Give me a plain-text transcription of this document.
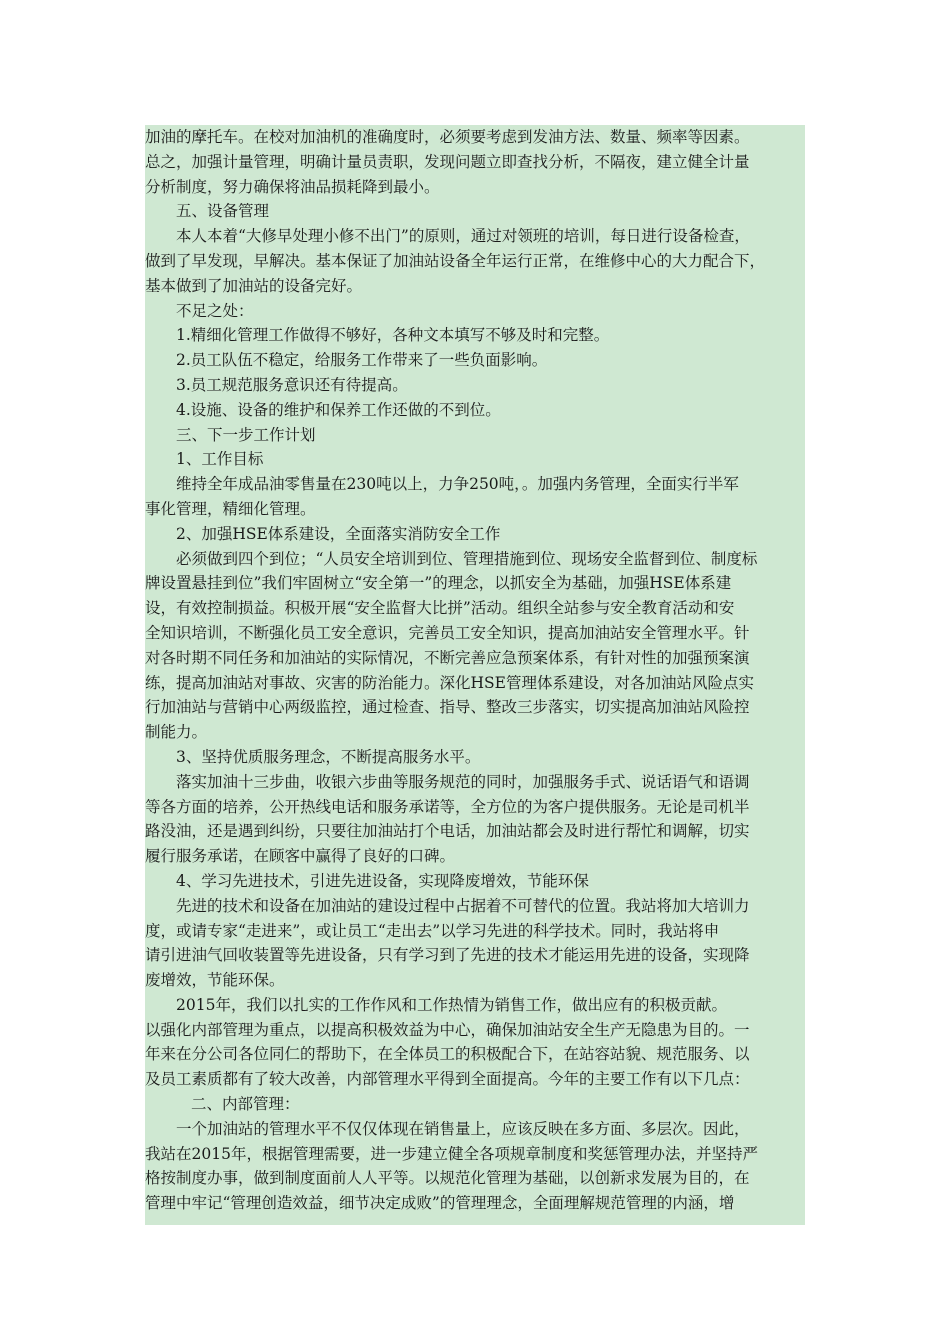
加油的摩托车。在校对加油机的准确度时，必须要考虑到发油方法、数量、频率等因素。
总之，加强计量管理，明确计量员责职，发现问题立即查找分析，不隔夜，建立健全计量
分析制度，努力确保将油品损耗降到最小。
五、设备管理
本人本着“大修早处理小修不出门”的原则，通过对领班的培训，每日进行设备检查，
做到了早发现，早解决。基本保证了加油站设备全年运行正常，在维修中心的大力配合下，
基本做到了加油站的设备完好。
不足之处：
1.精细化管理工作做得不够好，各种文本填写不够及时和完整。
2.员工队伍不稳定，给服务工作带来了一些负面影响。
3.员工规范服务意识还有待提高。
4.设施、设备的维护和保养工作还做的不到位。
三、下一步工作计划
1、工作目标
维持全年成品油零售量在230吨以上，力争250吨，。加强内务管理，全面实行半军
事化管理，精细化管理。
2、加强HSE体系建设，全面落实消防安全工作
必须做到四个到位；“人员安全培训到位、管理措施到位、现场安全监督到位、制度标
牌设置悬挂到位”我们牢固树立“安全第一”的理念，以抓安全为基础，加强HSE体系建
设，有效控制损益。积极开展“安全监督大比拼”活动。组织全站参与安全教育活动和安
全知识培训，不断强化员工安全意识，完善员工安全知识，提高加油站安全管理水平。针
对各时期不同任务和加油站的实际情况，不断完善应急预案体系，有针对性的加强预案演
练，提高加油站对事故、灾害的防治能力。深化HSE管理体系建设，对各加油站风险点实
行加油站与营销中心两级监控，通过检查、指导、整改三步落实，切实提高加油站风险控
制能力。
3、坚持优质服务理念，不断提高服务水平。
落实加油十三步曲，收银六步曲等服务规范的同时，加强服务手式、说话语气和语调
等各方面的培养，公开热线电话和服务承诺等，全方位的为客户提供服务。无论是司机半
路没油，还是遇到纠纷，只要往加油站打个电话，加油站都会及时进行帮忙和调解，切实
履行服务承诺，在顾客中赢得了良好的口碑。
4、学习先进技术，引进先进设备，实现降废增效，节能环保
先进的技术和设备在加油站的建设过程中占据着不可替代的位置。我站将加大培训力
度，或请专家“走进来”，或让员工“走出去”以学习先进的科学技术。同时，我站将申
请引进油气回收装置等先进设备，只有学习到了先进的技术才能运用先进的设备，实现降
废增效，节能环保。
2015年，我们以扎实的工作作风和工作热情为销售工作，做出应有的积极贡献。
以强化内部管理为重点，以提高积极效益为中心，确保加油站安全生产无隐患为目的。一
年来在分公司各位同仁的帮助下，在全体员工的积极配合下，在站容站貌、规范服务、以
及员工素质都有了较大改善，内部管理水平得到全面提高。今年的主要工作有以下几点：
二、内部管理：
一个加油站的管理水平不仅仅体现在销售量上，应该反映在多方面、多层次。因此，
我站在2015年，根据管理需要，进一步建立健全各项规章制度和奖惩管理办法，并坚持严
格按制度办事，做到制度面前人人平等。以规范化管理为基础，以创新求发展为目的，在
管理中牢记“管理创造效益，细节决定成败”的管理理念，全面理解规范管理的内涵，增
